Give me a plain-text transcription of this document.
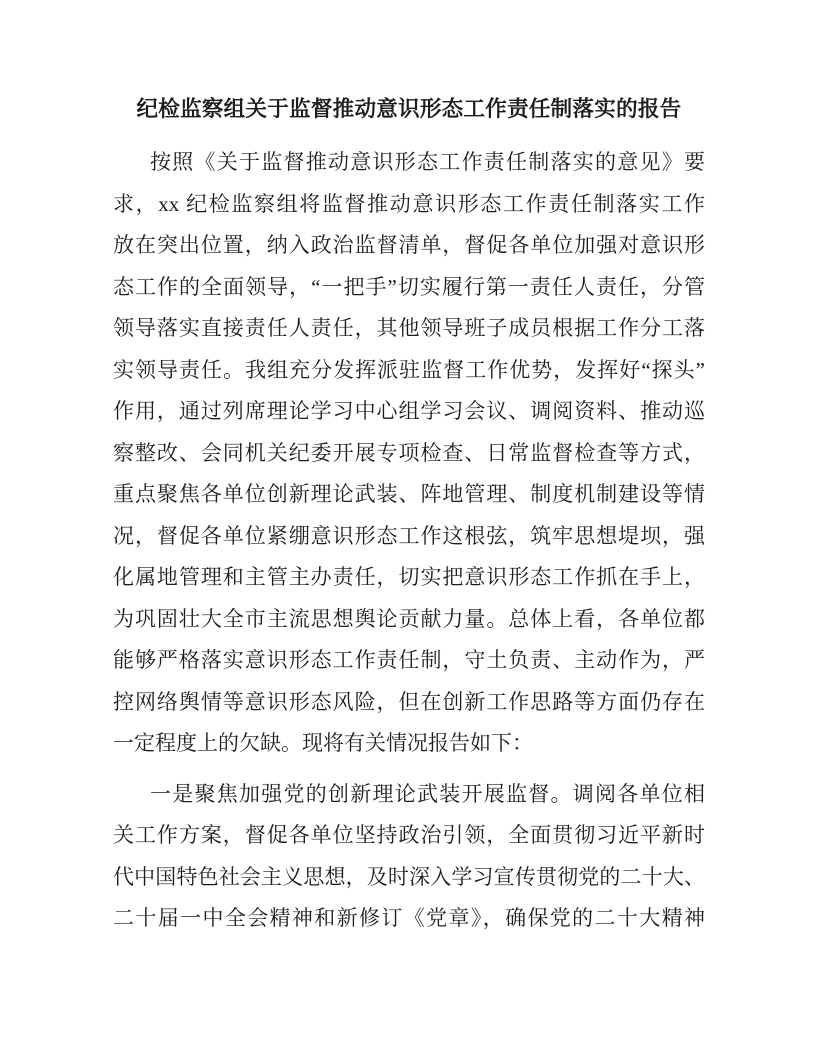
纪检监察组关于监督推动意识形态工作责任制落实的报告
按照《关于监督推动意识形态工作责任制落实的意见》要
求，xx 纪检监察组将监督推动意识形态工作责任制落实工作
放在突出位置，纳入政治监督清单，督促各单位加强对意识形
态工作的全面领导，“一把手”切实履行第一责任人责任，分管
领导落实直接责任人责任，其他领导班子成员根据工作分工落
实领导责任。我组充分发挥派驻监督工作优势，发挥好“探头”
作用，通过列席理论学习中心组学习会议、调阅资料、推动巡
察整改、会同机关纪委开展专项检查、日常监督检查等方式，
重点聚焦各单位创新理论武装、阵地管理、制度机制建设等情
况，督促各单位紧绷意识形态工作这根弦，筑牢思想堤坝，强
化属地管理和主管主办责任，切实把意识形态工作抓在手上，
为巩固壮大全市主流思想舆论贡献力量。总体上看，各单位都
能够严格落实意识形态工作责任制，守土负责、主动作为，严
控网络舆情等意识形态风险，但在创新工作思路等方面仍存在
一定程度上的欠缺。现将有关情况报告如下：
一是聚焦加强党的创新理论武装开展监督。调阅各单位相
关工作方案，督促各单位坚持政治引领，全面贯彻习近平新时
代中国特色社会主义思想，及时深入学习宣传贯彻党的二十大、
二十届一中全会精神和新修订《党章》，确保党的二十大精神
